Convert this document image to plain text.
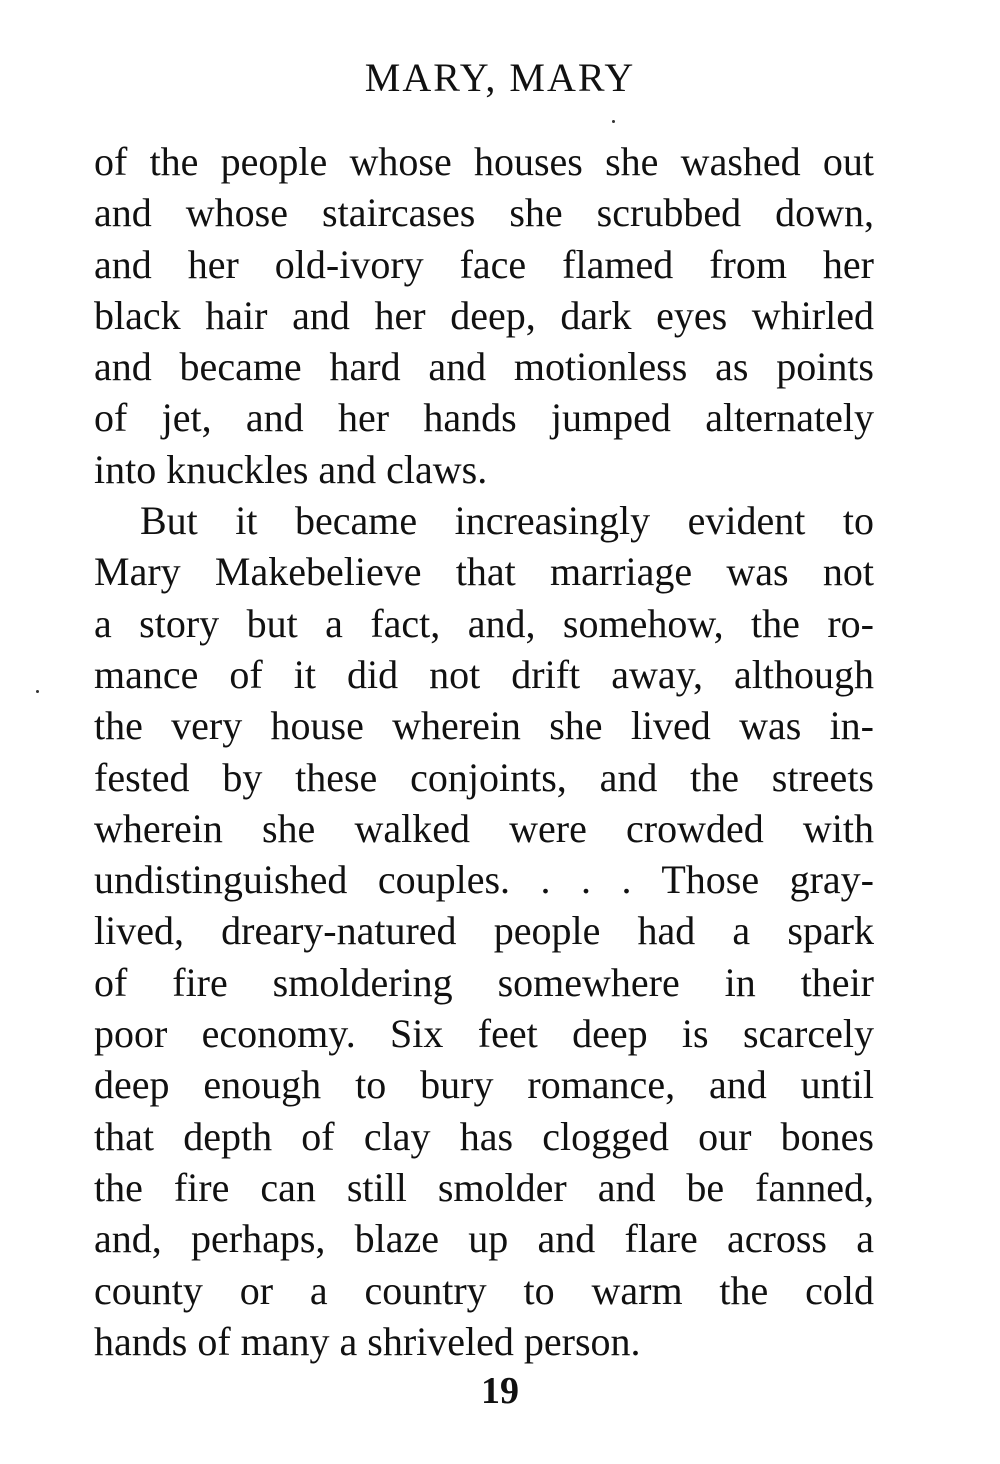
MARY, MARY
of the people whose houses she washed out
and whose staircases she scrubbed down,
and her old-ivory face flamed from her
black hair and her deep, dark eyes whirled
and became hard and motionless as points
of jet, and her hands jumped alternately
into knuckles and claws.
But it became increasingly evident to
Mary Makebelieve that marriage was not
a story but a fact, and, somehow, the ro-
mance of it did not drift away, although
the very house wherein she lived was in-
fested by these conjoints, and the streets
wherein she walked were crowded with
undistinguished couples. . . . Those gray-
lived, dreary-natured people had a spark
of fire smoldering somewhere in their
poor economy. Six feet deep is scarcely
deep enough to bury romance, and until
that depth of clay has clogged our bones
the fire can still smolder and be fanned,
and, perhaps, blaze up and flare across a
county or a country to warm the cold
hands of many a shriveled person.
19
